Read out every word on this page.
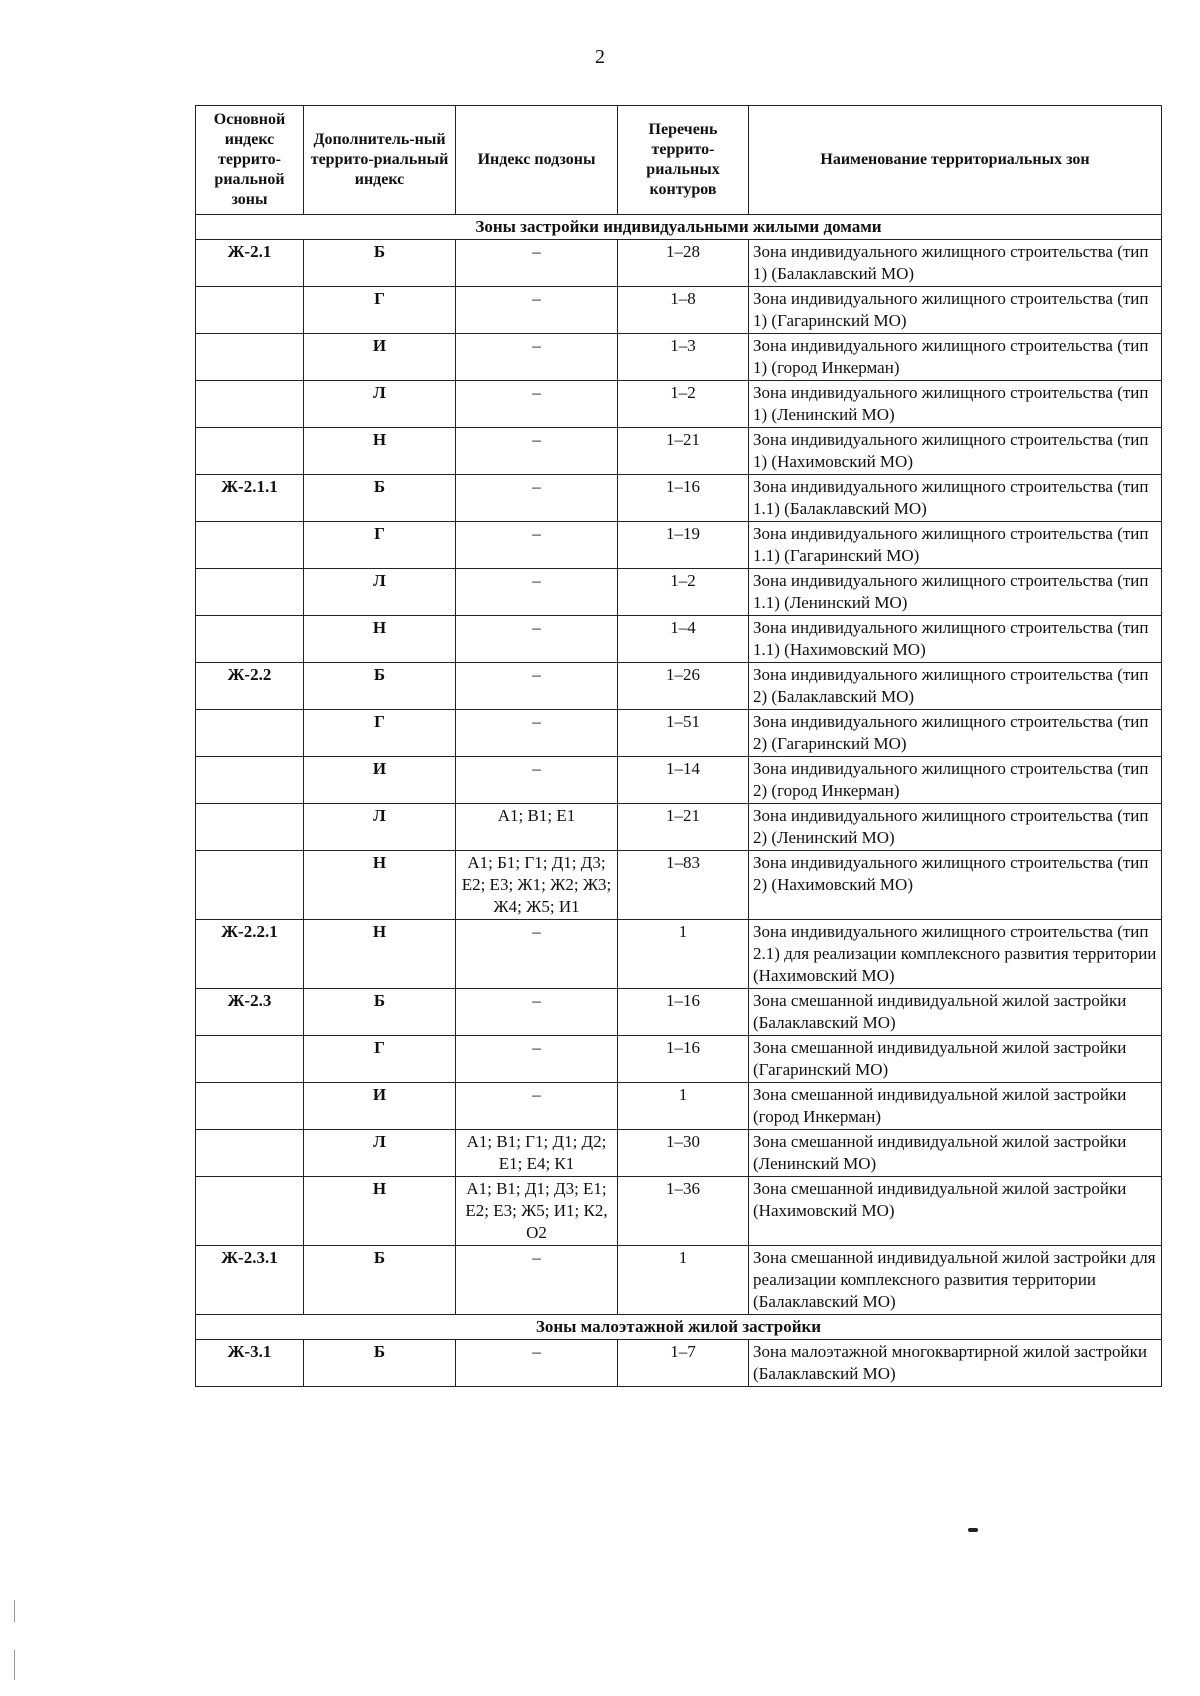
2
Основной индекс террито-риальной зоны	Дополнитель-ный террито-риальный индекс	Индекс подзоны	Перечень террито-риальных контуров	Наименование территориальных зон
Зоны застройки индивидуальными жилыми домами				
Ж-2.1	Б	–	1–28	Зона индивидуального жилищного строительства (тип 1) (Балаклавский МО)
	Г	–	1–8	Зона индивидуального жилищного строительства (тип 1) (Гагаринский МО)
	И	–	1–3	Зона индивидуального жилищного строительства (тип 1) (город Инкерман)
	Л	–	1–2	Зона индивидуального жилищного строительства (тип 1) (Ленинский МО)
	Н	–	1–21	Зона индивидуального жилищного строительства (тип 1) (Нахимовский МО)
Ж-2.1.1	Б	–	1–16	Зона индивидуального жилищного строительства (тип 1.1) (Балаклавский МО)
	Г	–	1–19	Зона индивидуального жилищного строительства (тип 1.1) (Гагаринский МО)
	Л	–	1–2	Зона индивидуального жилищного строительства (тип 1.1) (Ленинский МО)
	Н	–	1–4	Зона индивидуального жилищного строительства (тип 1.1) (Нахимовский МО)
Ж-2.2	Б	–	1–26	Зона индивидуального жилищного строительства (тип 2) (Балаклавский МО)
	Г	–	1–51	Зона индивидуального жилищного строительства (тип 2) (Гагаринский МО)
	И	–	1–14	Зона индивидуального жилищного строительства (тип 2) (город Инкерман)
	Л	А1; В1; Е1	1–21	Зона индивидуального жилищного строительства (тип 2) (Ленинский МО)
	Н	А1; Б1; Г1; Д1; Д3; Е2; Е3; Ж1; Ж2; Ж3; Ж4; Ж5; И1	1–83	Зона индивидуального жилищного строительства (тип 2) (Нахимовский МО)
Ж-2.2.1	Н	–	1	Зона индивидуального жилищного строительства (тип 2.1) для реализации комплексного развития территории (Нахимовский МО)
Ж-2.3	Б	–	1–16	Зона смешанной индивидуальной жилой застройки (Балаклавский МО)
	Г	–	1–16	Зона смешанной индивидуальной жилой застройки (Гагаринский МО)
	И	–	1	Зона смешанной индивидуальной жилой застройки (город Инкерман)
	Л	А1; В1; Г1; Д1; Д2; Е1; Е4; К1	1–30	Зона смешанной индивидуальной жилой застройки (Ленинский МО)
	Н	А1; В1; Д1; Д3; Е1; Е2; Е3; Ж5; И1; К2, О2	1–36	Зона смешанной индивидуальной жилой застройки (Нахимовский МО)
Ж-2.3.1	Б	–	1	Зона смешанной индивидуальной жилой застройки для реализации комплексного развития территории (Балаклавский МО)
Зоны малоэтажной жилой застройки				
Ж-3.1	Б	–	1–7	Зона малоэтажной многоквартирной жилой застройки (Балаклавский МО)
